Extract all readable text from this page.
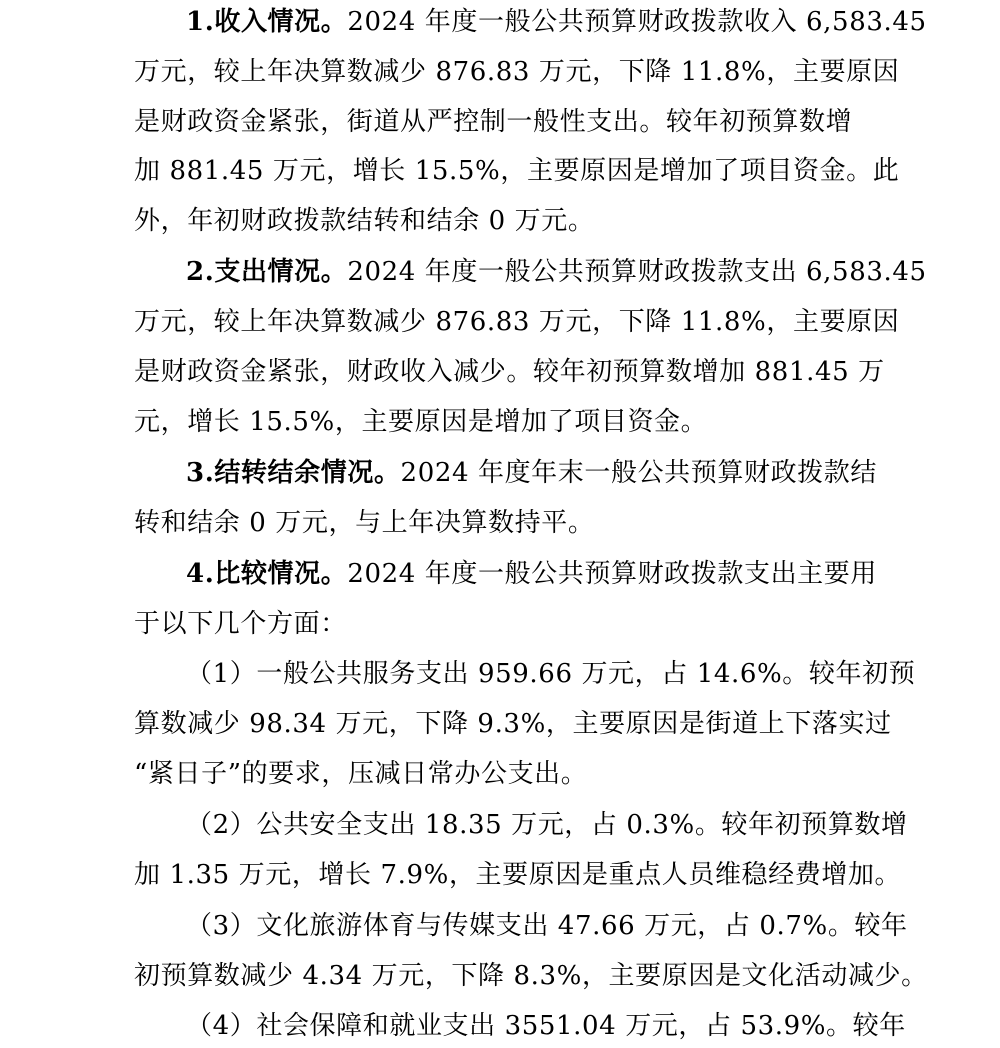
1.收入情况。2024 年度一般公共预算财政拨款收入 6,583.45
万元，较上年决算数减少 876.83 万元，下降 11.8%，主要原因
是财政资金紧张，街道从严控制一般性支出。较年初预算数增
加 881.45 万元，增长 15.5%，主要原因是增加了项目资金。此
外，年初财政拨款结转和结余 0 万元。
2.支出情况。2024 年度一般公共预算财政拨款支出 6,583.45
万元，较上年决算数减少 876.83 万元，下降 11.8%，主要原因
是财政资金紧张，财政收入减少。较年初预算数增加 881.45 万
元，增长 15.5%，主要原因是增加了项目资金。
3.结转结余情况。2024 年度年末一般公共预算财政拨款结
转和结余 0 万元，与上年决算数持平。
4.比较情况。2024 年度一般公共预算财政拨款支出主要用
于以下几个方面：
（1）一般公共服务支出 959.66 万元，占 14.6%。较年初预
算数减少 98.34 万元，下降 9.3%，主要原因是街道上下落实过
“紧日子”的要求，压减日常办公支出。
（2）公共安全支出 18.35 万元，占 0.3%。较年初预算数增
加 1.35 万元，增长 7.9%，主要原因是重点人员维稳经费增加。
（3）文化旅游体育与传媒支出 47.66 万元，占 0.7%。较年
初预算数减少 4.34 万元，下降 8.3%，主要原因是文化活动减少。
（4）社会保障和就业支出 3551.04 万元，占 53.9%。较年
